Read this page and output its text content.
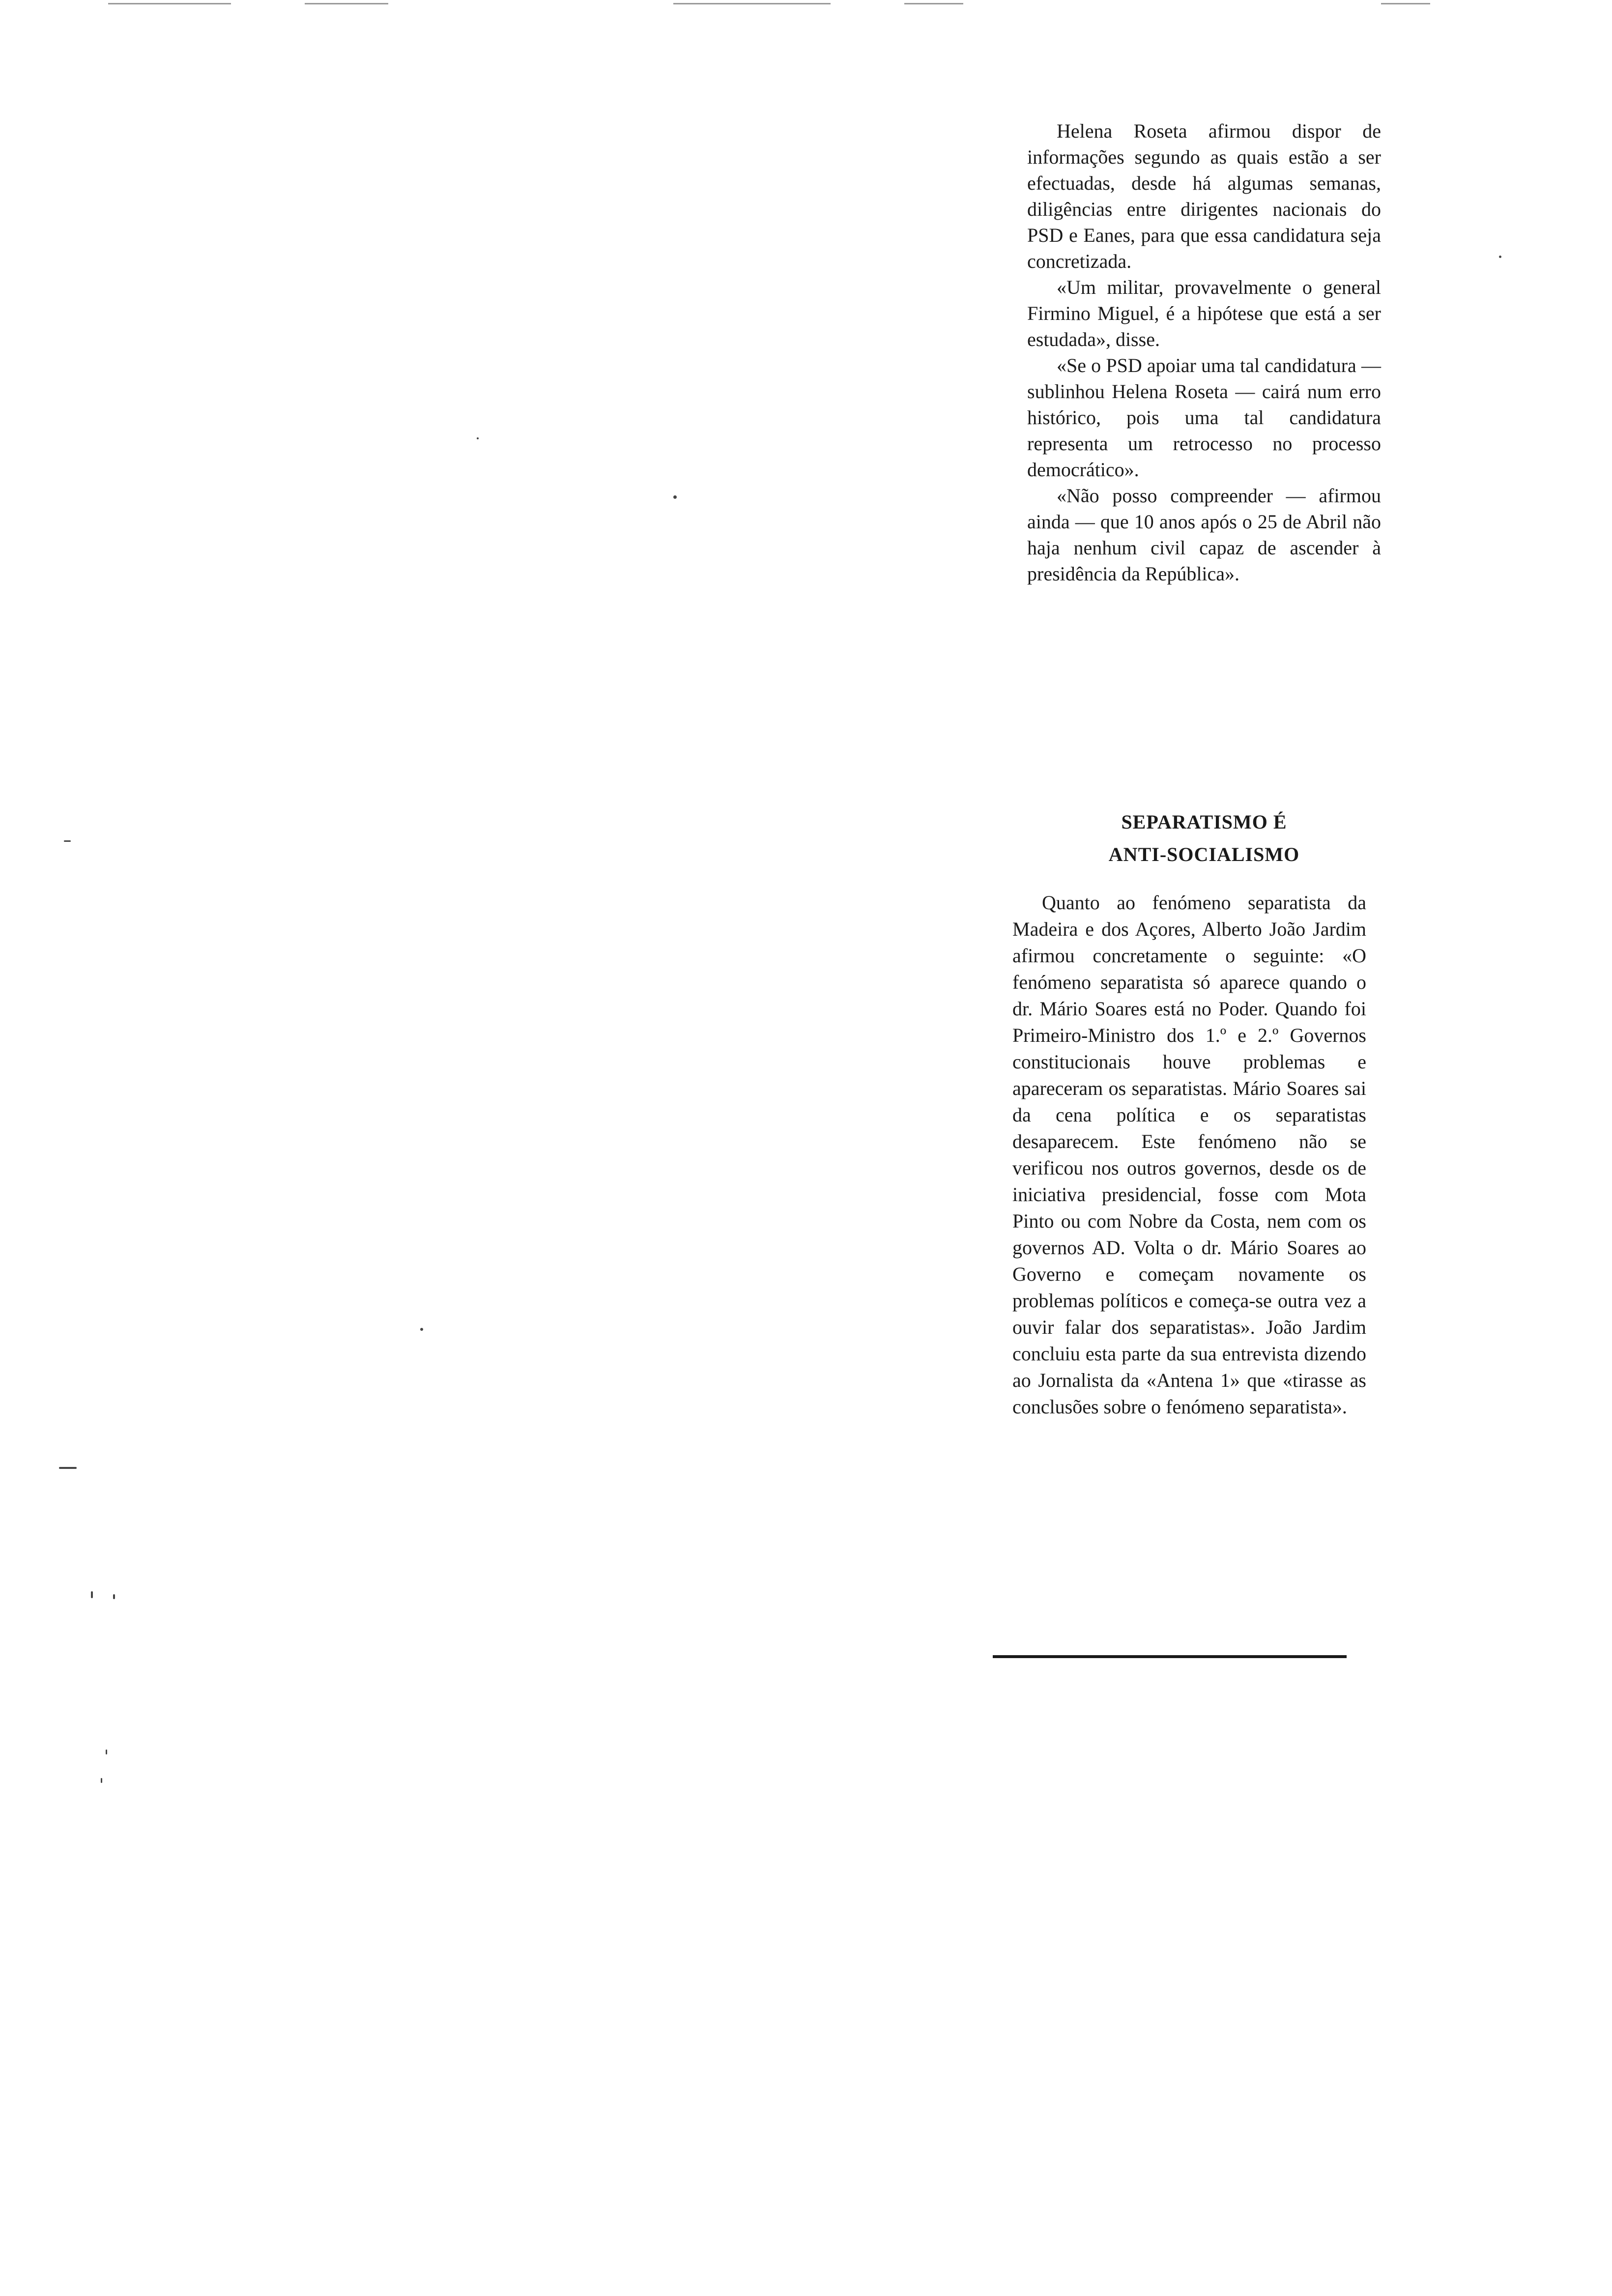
Helena Roseta afirmou dispor de informações segundo as quais estão a ser efectuadas, desde há algumas semanas, diligências entre dirigentes nacionais do PSD e Eanes, para que essa candidatura seja concretizada.

«Um militar, provavelmente o general Firmino Miguel, é a hipótese que está a ser estudada», disse.

«Se o PSD apoiar uma tal candidatura — sublinhou Helena Roseta — cairá num erro histórico, pois uma tal candidatura representa um retrocesso no processo democrático».

«Não posso compreender — afirmou ainda — que 10 anos após o 25 de Abril não haja nenhum civil capaz de ascender à presidência da República».

SEPARATISMO É

ANTI-SOCIALISMO

Quanto ao fenómeno separatista da Madeira e dos Açores, Alberto João Jardim afirmou concretamente o seguinte: «O fenómeno separatista só aparece quando o dr. Mário Soares está no Poder. Quando foi Primeiro-Ministro dos 1.º e 2.º Governos constitucionais houve problemas e apareceram os separatistas. Mário Soares sai da cena política e os separatistas desaparecem. Este fenómeno não se verificou nos outros governos, desde os de iniciativa presidencial, fosse com Mota Pinto ou com Nobre da Costa, nem com os governos AD. Volta o dr. Mário Soares ao Governo e começam novamente os problemas políticos e começa-se outra vez a ouvir falar dos separatistas». João Jardim concluiu esta parte da sua entrevista dizendo ao Jornalista da «Antena 1» que «tirasse as conclusões sobre o fenómeno separatista».
